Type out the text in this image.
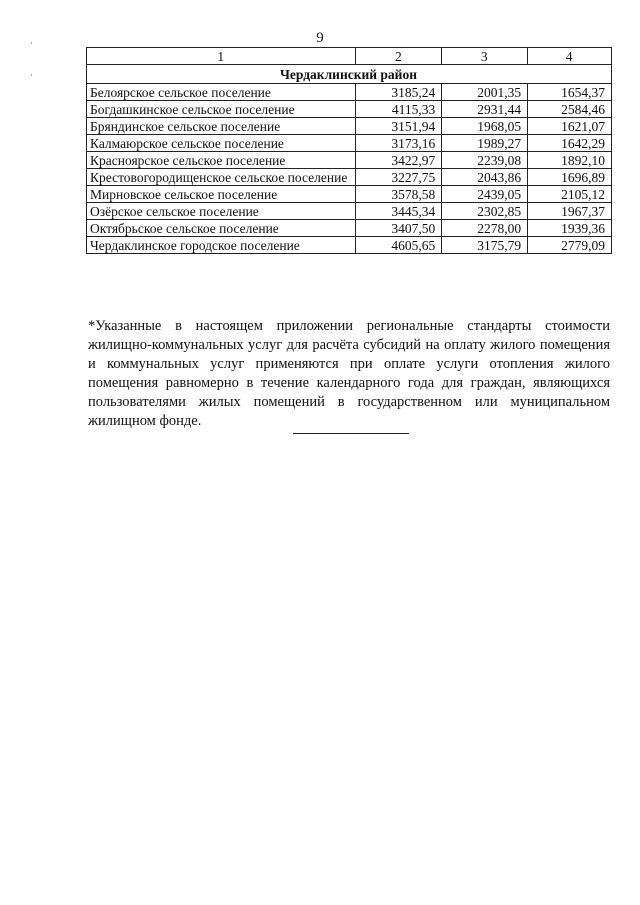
9
·
·
1	2	3	4
Чердаклинский район			
Белоярское сельское поселение	3185,24	2001,35	1654,37
Богдашкинское сельское поселение	4115,33	2931,44	2584,46
Бряндинское сельское поселение	3151,94	1968,05	1621,07
Калмаюрское сельское поселение	3173,16	1989,27	1642,29
Красноярское сельское поселение	3422,97	2239,08	1892,10
Крестовогородищенское сельское поселение	3227,75	2043,86	1696,89
Мирновское сельское поселение	3578,58	2439,05	2105,12
Озёрское сельское поселение	3445,34	2302,85	1967,37
Октябрьское сельское поселение	3407,50	2278,00	1939,36
Чердаклинское городское поселение	4605,65	3175,79	2779,09

*Указанные в настоящем приложении региональные стандарты стоимости жилищно-коммунальных услуг для расчёта субсидий на оплату жилого помещения и коммунальных услуг применяются при оплате услуги отопления жилого помещения равномерно в течение календарного года для граждан, являющихся пользователями жилых помещений в государственном или муниципальном жилищном фонде.
